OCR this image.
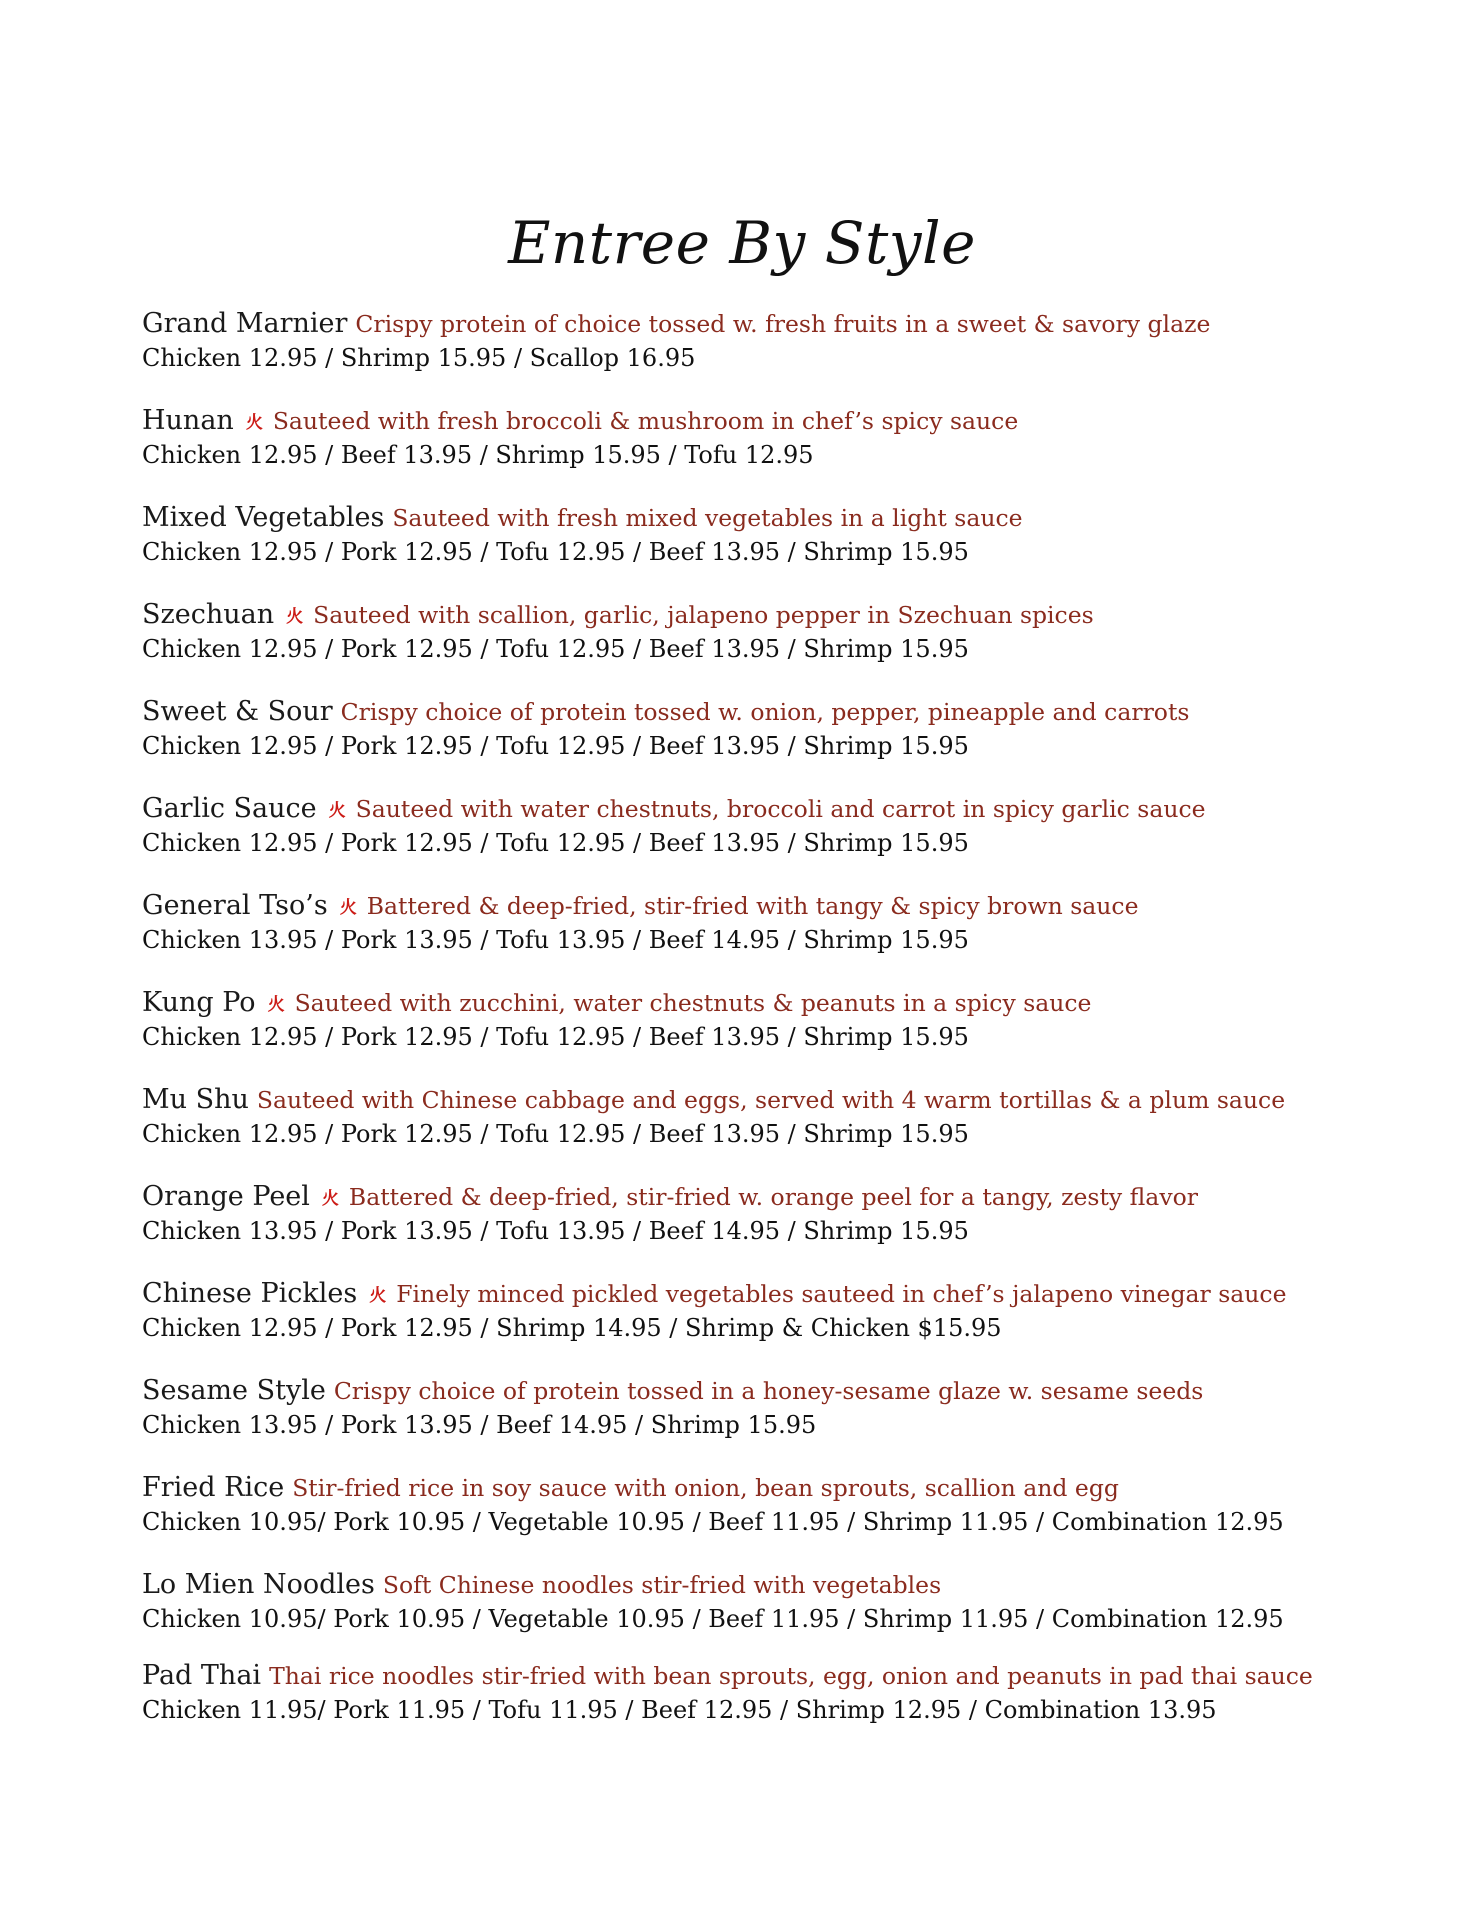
Entree By Style
Grand Marnier Crispy protein of choice tossed w. fresh fruits in a sweet & savory glaze
Chicken 12.95 / Shrimp 15.95 / Scallop 16.95
Hunan 火 Sauteed with fresh broccoli & mushroom in chef’s spicy sauce
Chicken 12.95 / Beef 13.95 / Shrimp 15.95 / Tofu 12.95
Mixed Vegetables Sauteed with fresh mixed vegetables in a light sauce
Chicken 12.95 / Pork 12.95 / Tofu 12.95 / Beef 13.95 / Shrimp 15.95
Szechuan 火 Sauteed with scallion, garlic, jalapeno pepper in Szechuan spices
Chicken 12.95 / Pork 12.95 / Tofu 12.95 / Beef 13.95 / Shrimp 15.95
Sweet & Sour Crispy choice of protein tossed w. onion, pepper, pineapple and carrots
Chicken 12.95 / Pork 12.95 / Tofu 12.95 / Beef 13.95 / Shrimp 15.95
Garlic Sauce 火 Sauteed with water chestnuts, broccoli and carrot in spicy garlic sauce
Chicken 12.95 / Pork 12.95 / Tofu 12.95 / Beef 13.95 / Shrimp 15.95
General Tso’s 火 Battered & deep-fried, stir-fried with tangy & spicy brown sauce
Chicken 13.95 / Pork 13.95 / Tofu 13.95 / Beef 14.95 / Shrimp 15.95
Kung Po 火 Sauteed with zucchini, water chestnuts & peanuts in a spicy sauce
Chicken 12.95 / Pork 12.95 / Tofu 12.95 / Beef 13.95 / Shrimp 15.95
Mu Shu Sauteed with Chinese cabbage and eggs, served with 4 warm tortillas & a plum sauce
Chicken 12.95 / Pork 12.95 / Tofu 12.95 / Beef 13.95 / Shrimp 15.95
Orange Peel 火 Battered & deep-fried, stir-fried w. orange peel for a tangy, zesty flavor
Chicken 13.95 / Pork 13.95 / Tofu 13.95 / Beef 14.95 / Shrimp 15.95
Chinese Pickles 火 Finely minced pickled vegetables sauteed in chef’s jalapeno vinegar sauce
Chicken 12.95 / Pork 12.95 / Shrimp 14.95 / Shrimp & Chicken $15.95
Sesame Style Crispy choice of protein tossed in a honey-sesame glaze w. sesame seeds
Chicken 13.95 / Pork 13.95 / Beef 14.95 / Shrimp 15.95
Fried Rice Stir-fried rice in soy sauce with onion, bean sprouts, scallion and egg
Chicken 10.95/ Pork 10.95 / Vegetable 10.95 / Beef 11.95 / Shrimp 11.95 / Combination 12.95
Lo Mien Noodles Soft Chinese noodles stir-fried with vegetables
Chicken 10.95/ Pork 10.95 / Vegetable 10.95 / Beef 11.95 / Shrimp 11.95 / Combination 12.95
Pad Thai Thai rice noodles stir-fried with bean sprouts, egg, onion and peanuts in pad thai sauce
Chicken 11.95/ Pork 11.95 / Tofu 11.95 / Beef 12.95 / Shrimp 12.95 / Combination 13.95
